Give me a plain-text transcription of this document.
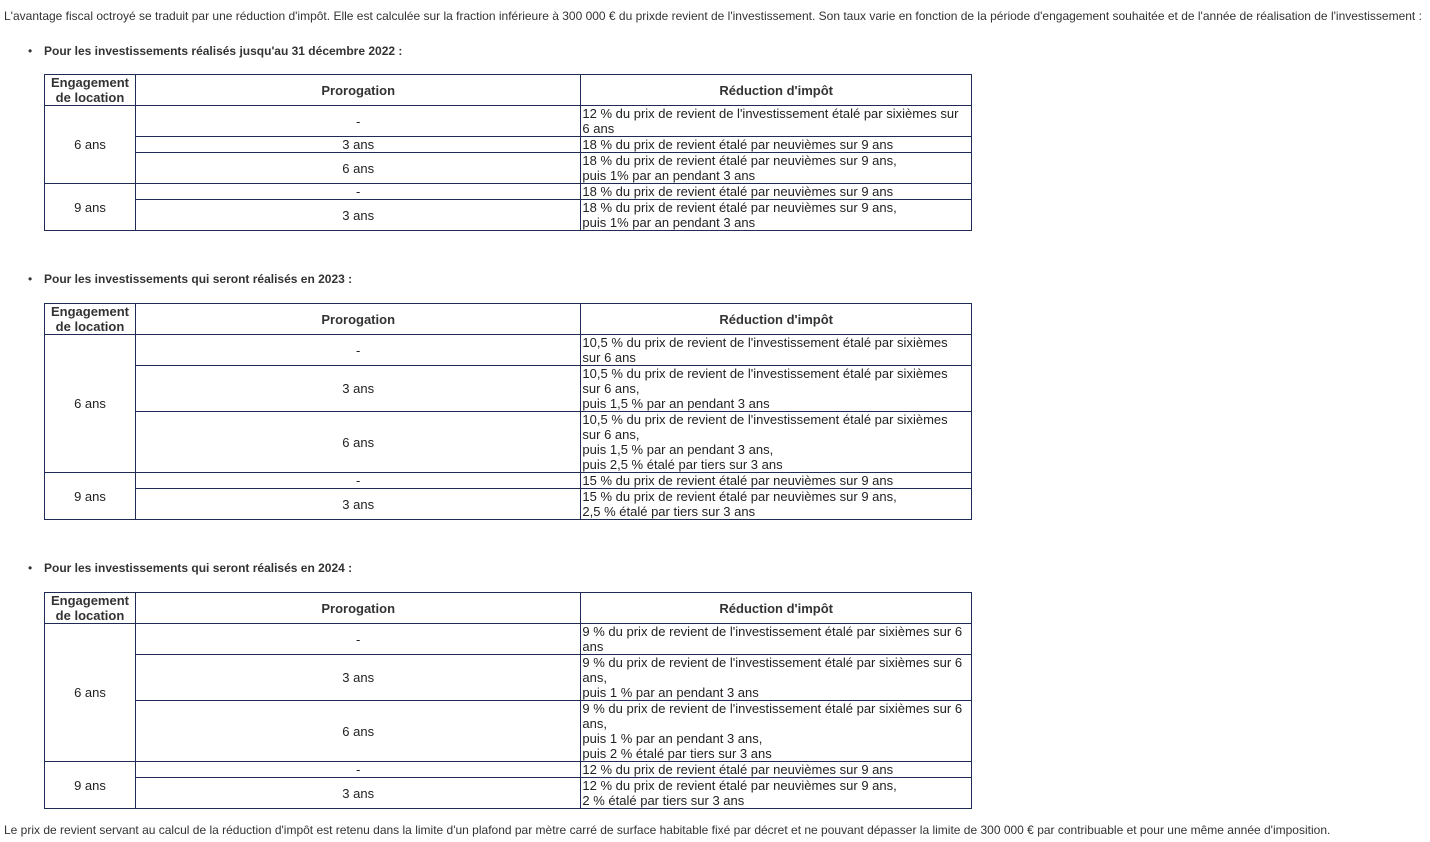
L'avantage fiscal octroyé se traduit par une réduction d'impôt. Elle est calculée sur la fraction inférieure à 300 000 € du prixde revient de l'investissement. Son taux varie en fonction de la période d'engagement souhaitée et de l'année de réalisation de l'investissement :

• Pour les investissements réalisés jusqu'au 31 décembre 2022 :
Engagement
de location	Prorogation	Réduction d'impôt
6 ans	-	12 % du prix de revient de l'investissement étalé par sixièmes sur
6 ans

	3 ans	18 % du prix de revient étalé par neuvièmes sur 9 ans

	6 ans	18 % du prix de revient étalé par neuvièmes sur 9 ans,
puis 1% par an pendant 3 ans

9 ans	-	18 % du prix de revient étalé par neuvièmes sur 9 ans

	3 ans	18 % du prix de revient étalé par neuvièmes sur 9 ans,
puis 1% par an pendant 3 ans
• Pour les investissements qui seront réalisés en 2023 :
Engagement
de location	Prorogation	Réduction d'impôt
6 ans	-	10,5 % du prix de revient de l'investissement étalé par sixièmes
sur 6 ans

	3 ans	10,5 % du prix de revient de l'investissement étalé par sixièmes
sur 6 ans,
puis 1,5 % par an pendant 3 ans

	6 ans	10,5 % du prix de revient de l'investissement étalé par sixièmes
sur 6 ans,
puis 1,5 % par an pendant 3 ans,
puis 2,5 % étalé par tiers sur 3 ans

9 ans	-	15 % du prix de revient étalé par neuvièmes sur 9 ans

	3 ans	15 % du prix de revient étalé par neuvièmes sur 9 ans,
2,5 % étalé par tiers sur 3 ans
• Pour les investissements qui seront réalisés en 2024 :
Engagement
de location	Prorogation	Réduction d'impôt
6 ans	-	9 % du prix de revient de l'investissement étalé par sixièmes sur 6
ans

	3 ans	9 % du prix de revient de l'investissement étalé par sixièmes sur 6
ans,
puis 1 % par an pendant 3 ans

	6 ans	9 % du prix de revient de l'investissement étalé par sixièmes sur 6
ans,
puis 1 % par an pendant 3 ans,
puis 2 % étalé par tiers sur 3 ans

9 ans	-	12 % du prix de revient étalé par neuvièmes sur 9 ans

	3 ans	12 % du prix de revient étalé par neuvièmes sur 9 ans,
2 % étalé par tiers sur 3 ans

Le prix de revient servant au calcul de la réduction d'impôt est retenu dans la limite d'un plafond par mètre carré de surface habitable fixé par décret et ne pouvant dépasser la limite de 300 000 € par contribuable et pour une même année d'imposition.
